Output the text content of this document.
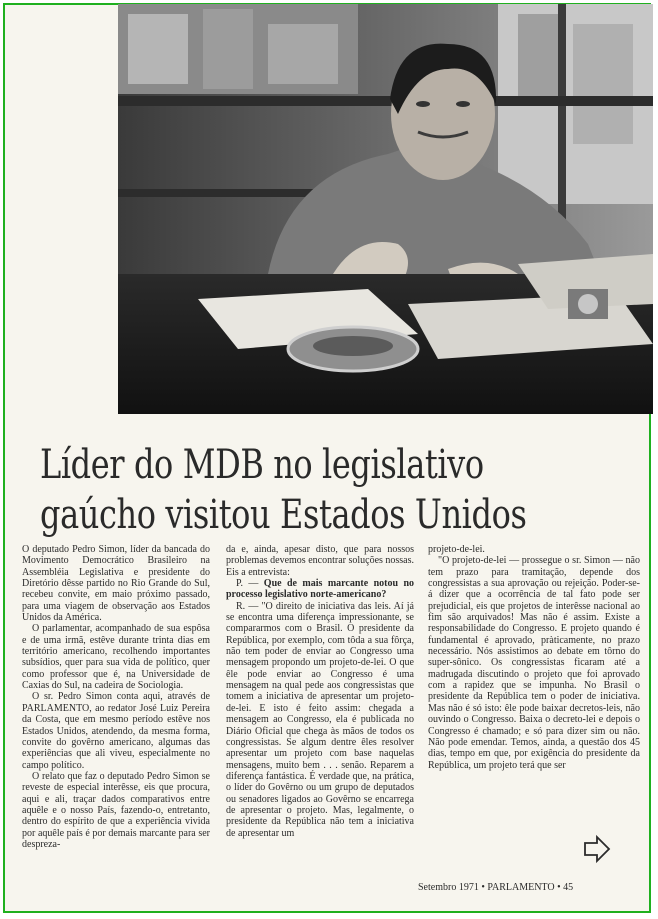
Líder do MDB no legislativo
gaúcho visitou Estados Unidos

O deputado Pedro Simon, líder da bancada do Movimento Democrático Brasileiro na Assembléia Legislativa e presidente do Diretório dêsse partido no Rio Grande do Sul, recebeu convite, em maio próximo passado, para uma viagem de observação aos Estados Unidos da América.

O parlamentar, acompanhado de sua espôsa e de uma irmã, estêve durante trinta dias em território americano, recolhendo importantes subsídios, quer para sua vida de político, quer como professor que é, na Universidade de Caxias do Sul, na cadeira de Sociologia.

O sr. Pedro Simon conta aqui, através de PARLAMENTO, ao redator José Luiz Pereira da Costa, que em mesmo período estêve nos Estados Unidos, atendendo, da mesma forma, convite do govêrno americano, algumas das experiências que ali viveu, especialmente no campo político.

O relato que faz o deputado Pedro Simon se reveste de especial interêsse, eis que procura, aqui e ali, traçar dados comparativos entre aquêle e o nosso País, fazendo-o, entretanto, dentro do espírito de que a experiência vivida por aquêle país é por demais marcante para ser despreza-

da e, ainda, apesar disto, que para nossos problemas devemos encontrar soluções nossas. Eis a entrevista:

P. — Que de mais marcante notou no processo legislativo norte-americano?

R. — "O direito de iniciativa das leis. Aí já se encontra uma diferença impressionante, se compararmos com o Brasil. O presidente da República, por exemplo, com tôda a sua fôrça, não tem poder de enviar ao Congresso uma mensagem propondo um projeto-de-lei. O que êle pode enviar ao Congresso é uma mensagem na qual pede aos congressistas que tomem a iniciativa de apresentar um projeto-de-lei. E isto é feito assim: chegada a mensagem ao Congresso, ela é publicada no Diário Oficial que chega às mãos de todos os congressistas. Se algum dentre êles resolver apresentar um projeto com base naquelas mensagens, muito bem . . . senão. Reparem a diferença fantástica. É verdade que, na prática, o líder do Govêrno ou um grupo de deputados ou senadores ligados ao Govêrno se encarrega de apresentar o projeto. Mas, legalmente, o presidente da República não tem a iniciativa de apresentar um

projeto-de-lei.

"O projeto-de-lei — prossegue o sr. Simon — não tem prazo para tramitação, depende dos congressistas a sua aprovação ou rejeição. Poder-se-á dizer que a ocorrência de tal fato pode ser prejudicial, eis que projetos de interêsse nacional ao fim são arquivados! Mas não é assim. Existe a responsabilidade do Congresso. E projeto quando é fundamental é aprovado, pràticamente, no prazo necessário. Nós assistimos ao debate em tôrno do super-sônico. Os congressistas ficaram até a madrugada discutindo o projeto que foi aprovado com a rapidez que se impunha. No Brasil o presidente da República tem o poder de iniciativa. Mas não é só isto: êle pode baixar decretos-leis, não ouvindo o Congresso. Baixa o decreto-lei e depois o Congresso é chamado; e só para dizer sim ou não. Não pode emendar. Temos, ainda, a questão dos 45 dias, tempo em que, por exigência do presidente da República, um projeto terá que ser

Setembro 1971 • PARLAMENTO • 45
